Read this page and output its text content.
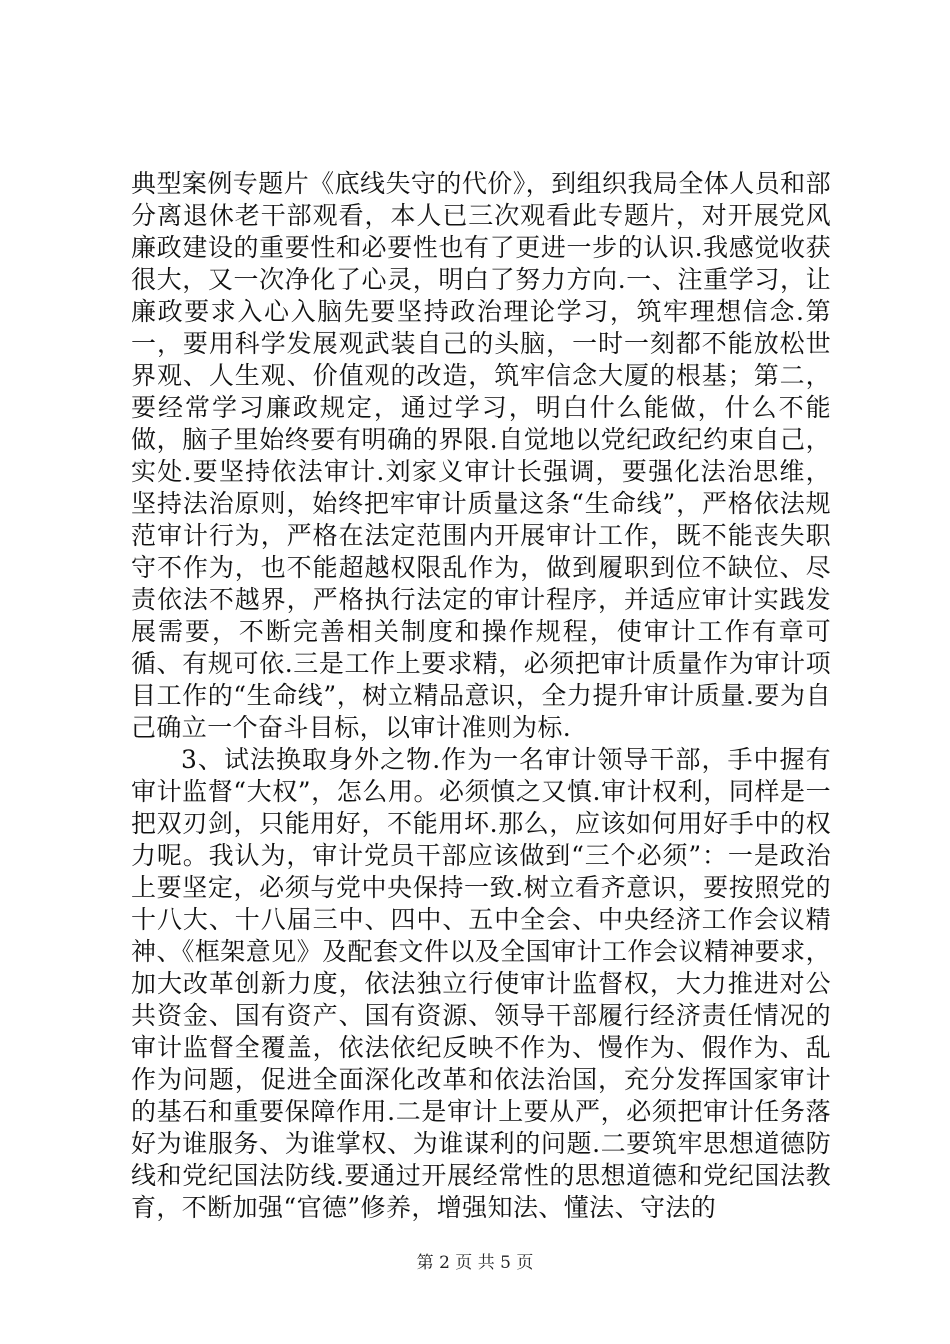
典型案例专题片《底线失守的代价》，到组织我局全体人员和部分离退休老干部观看，本人已三次观看此专题片，对开展党风廉政建设的重要性和必要性也有了更进一步的认识.我感觉收获很大，又一次净化了心灵，明白了努力方向.一、注重学习，让廉政要求入心入脑先要坚持政治理论学习，筑牢理想信念.第一，要用科学发展观武装自己的头脑，一时一刻都不能放松世界观、人生观、价值观的改造，筑牢信念大厦的根基；第二，要经常学习廉政规定，通过学习，明白什么能做，什么不能做，脑子里始终要有明确的界限.自觉地以党纪政纪约束自己，实处.要坚持依法审计.刘家义审计长强调，要强化法治思维，坚持法治原则，始终把牢审计质量这条“生命线”，严格依法规范审计行为，严格在法定范围内开展审计工作，既不能丧失职守不作为，也不能超越权限乱作为，做到履职到位不缺位、尽责依法不越界，严格执行法定的审计程序，并适应审计实践发展需要，不断完善相关制度和操作规程，使审计工作有章可循、有规可依.三是工作上要求精，必须把审计质量作为审计项目工作的“生命线”，树立精品意识，全力提升审计质量.要为自己确立一个奋斗目标，以审计准则为标.

3、试法换取身外之物.作为一名审计领导干部，手中握有审计监督“大权”，怎么用。必须慎之又慎.审计权利，同样是一把双刃剑，只能用好，不能用坏.那么，应该如何用好手中的权力呢。我认为，审计党员干部应该做到“三个必须”：一是政治上要坚定，必须与党中央保持一致.树立看齐意识，要按照党的十八大、十八届三中、四中、五中全会、中央经济工作会议精神、《框架意见》及配套文件以及全国审计工作会议精神要求，加大改革创新力度，依法独立行使审计监督权，大力推进对公共资金、国有资产、国有资源、领导干部履行经济责任情况的审计监督全覆盖，依法依纪反映不作为、慢作为、假作为、乱作为问题，促进全面深化改革和依法治国，充分发挥国家审计的基石和重要保障作用.二是审计上要从严，必须把审计任务落好为谁服务、为谁掌权、为谁谋利的问题.二要筑牢思想道德防线和党纪国法防线.要通过开展经常性的思想道德和党纪国法教育，不断加强“官德”修养，增强知法、懂法、守法的

第 2 页 共 5 页
